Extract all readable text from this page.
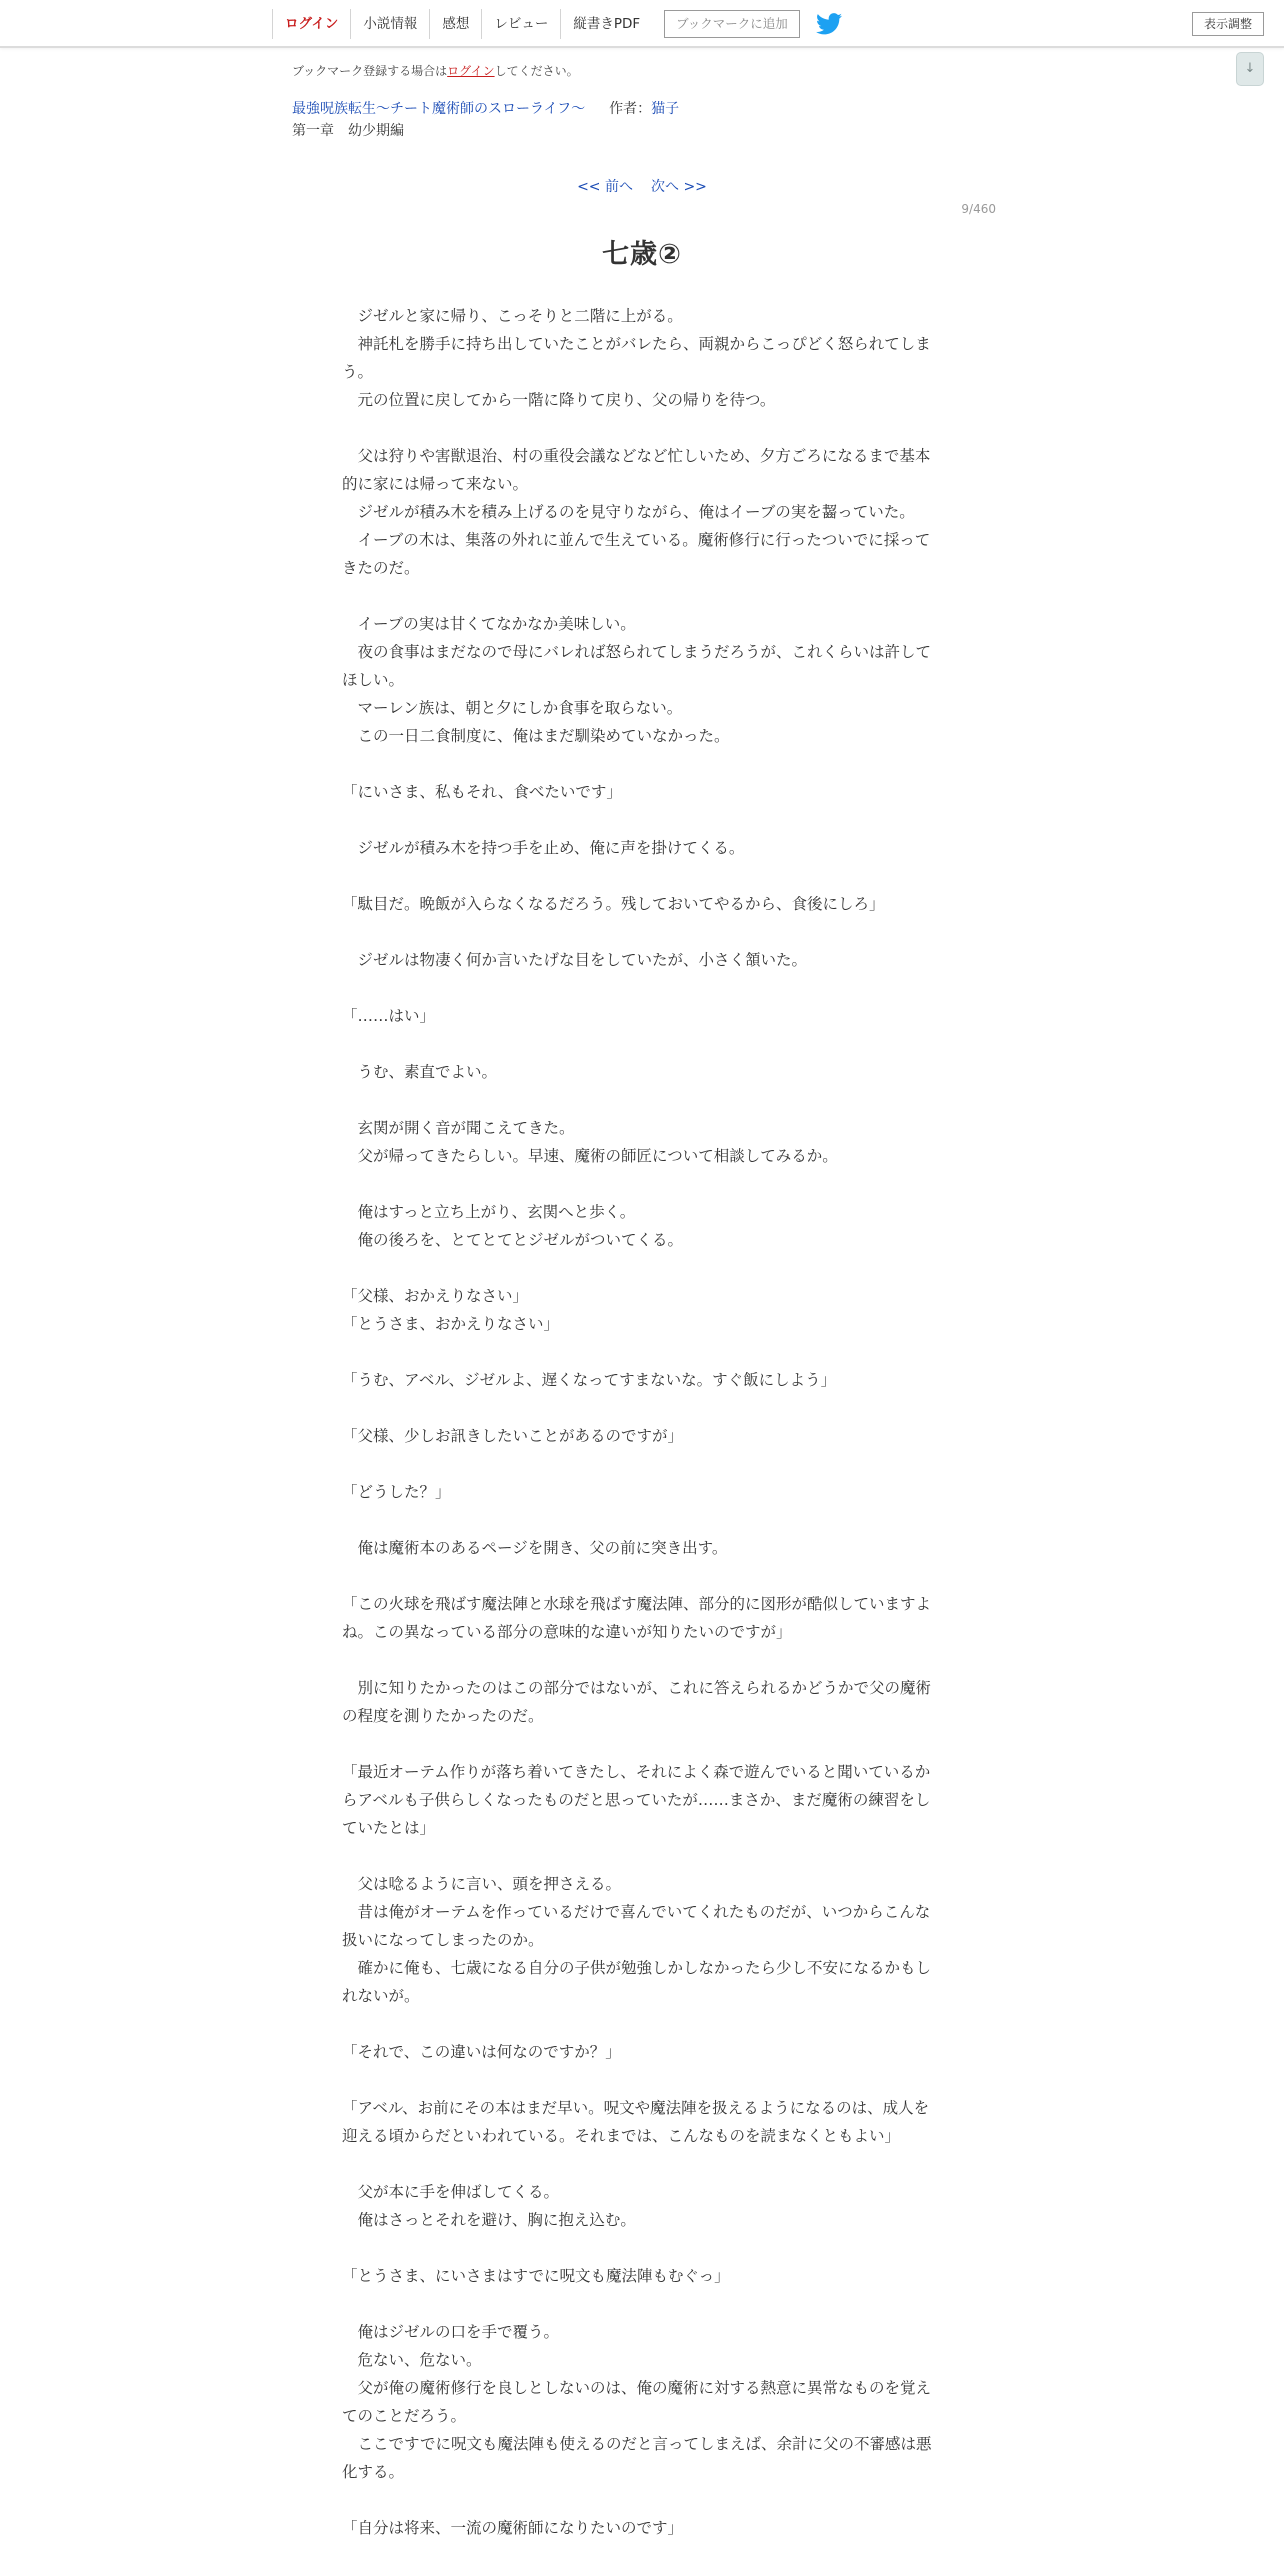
ログイン	小説情報	感想	レビュー	縦書きPDF	ブックマークに追加	表示調整
↓
ブックマーク登録する場合はログインしてください。
最強呪族転生～チート魔術師のスローライフ～ 作者：猫子
第一章　幼少期編
<< 前へ 次へ >>
9/460
七歳②

　ジゼルと家に帰り、こっそりと二階に上がる。

　神託札を勝手に持ち出していたことがバレたら、両親からこっぴどく怒られてしまう。

　元の位置に戻してから一階に降りて戻り、父の帰りを待つ。

　父は狩りや害獣退治、村の重役会議などなど忙しいため、夕方ごろになるまで基本的に家には帰って来ない。

　ジゼルが積み木を積み上げるのを見守りながら、俺はイーブの実を齧っていた。

　イーブの木は、集落の外れに並んで生えている。魔術修行に行ったついでに採ってきたのだ。

　イーブの実は甘くてなかなか美味しい。

　夜の食事はまだなので母にバレれば怒られてしまうだろうが、これくらいは許してほしい。

　マーレン族は、朝と夕にしか食事を取らない。

　この一日二食制度に、俺はまだ馴染めていなかった。

「にいさま、私もそれ、食べたいです」

　ジゼルが積み木を持つ手を止め、俺に声を掛けてくる。

「駄目だ。晩飯が入らなくなるだろう。残しておいてやるから、食後にしろ」

　ジゼルは物凄く何か言いたげな目をしていたが、小さく頷いた。

「……はい」

　うむ、素直でよい。

　玄関が開く音が聞こえてきた。

　父が帰ってきたらしい。早速、魔術の師匠について相談してみるか。

　俺はすっと立ち上がり、玄関へと歩く。

　俺の後ろを、とてとてとジゼルがついてくる。

「父様、おかえりなさい」

「とうさま、おかえりなさい」

「うむ、アベル、ジゼルよ、遅くなってすまないな。すぐ飯にしよう」

「父様、少しお訊きしたいことがあるのですが」

「どうした？」

　俺は魔術本のあるページを開き、父の前に突き出す。

「この火球を飛ばす魔法陣と水球を飛ばす魔法陣、部分的に図形が酷似していますよね。この異なっている部分の意味的な違いが知りたいのですが」

　別に知りたかったのはこの部分ではないが、これに答えられるかどうかで父の魔術の程度を測りたかったのだ。

「最近オーテム作りが落ち着いてきたし、それによく森で遊んでいると聞いているからアベルも子供らしくなったものだと思っていたが……まさか、まだ魔術の練習をしていたとは」

　父は唸るように言い、頭を押さえる。

　昔は俺がオーテムを作っているだけで喜んでいてくれたものだが、いつからこんな扱いになってしまったのか。

　確かに俺も、七歳になる自分の子供が勉強しかしなかったら少し不安になるかもしれないが。

「それで、この違いは何なのですか？」

「アベル、お前にその本はまだ早い。呪文や魔法陣を扱えるようになるのは、成人を迎える頃からだといわれている。それまでは、こんなものを読まなくともよい」

　父が本に手を伸ばしてくる。

　俺はさっとそれを避け、胸に抱え込む。

「とうさま、にいさまはすでに呪文も魔法陣もむぐっ」

　俺はジゼルの口を手で覆う。

　危ない、危ない。

　父が俺の魔術修行を良しとしないのは、俺の魔術に対する熱意に異常なものを覚えてのことだろう。

　ここですでに呪文も魔法陣も使えるのだと言ってしまえば、余計に父の不審感は悪化する。

「自分は将来、一流の魔術師になりたいのです」
